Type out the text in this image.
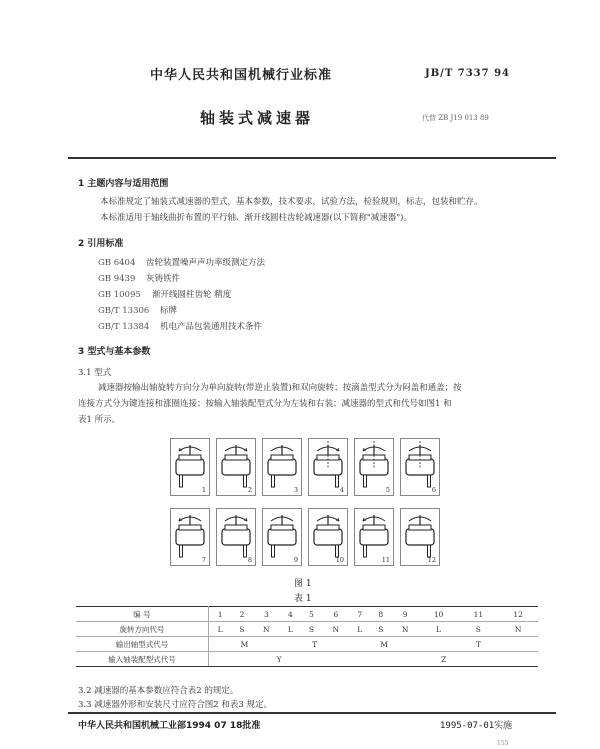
中华人民共和国机械行业标准	JB/T 7337 94
轴装式减速器	代替 ZB J19 013 89
1 主题内容与适用范围
本标准规定了轴装式减速器的型式，基本参数，技术要求，试验方法，检验规则，标志，包装和贮存。
本标准适用于轴线曲折布置的平行轴、渐开线圆柱齿轮减速器(以下简称"减速器")。
2 引用标准
GB 6404 齿轮装置噪声声功率级测定方法
GB 9439 灰铸铁件
GB 10095 渐开线圆柱齿轮 精度
GB/T 13306 标牌
GB/T 13384 机电产品包装通用技术条件
3 型式与基本参数
3.1 型式
减速器按输出轴旋转方向分为单向旋转(带逆止装置)和双向旋转；按滴盖型式分为闷盖和通盖；按
连接方式分为键连接和涨圈连接；按输入轴装配型式分为左装和右装；减速器的型式和代号如图1 和
表1 所示。
1	2	3	4	5	6
7	8	9	10	11	12
图 1
表 1
编 号	1	2	3	4	5	6	7	8	9	10	11	12
旋转方向代号	L	S	N	L	S	N	L	S	N	L	S	N
输出轴型式代号	M			T			M			T		
输入轴装配型式代号	Y						Z					
3.2 减速器的基本参数应符合表2 的规定。
3.3 减速器外形和安装尺寸应符合图2 和表3 规定。
中华人民共和国机械工业部1994 07 18批准	1995-07-01实施
155
